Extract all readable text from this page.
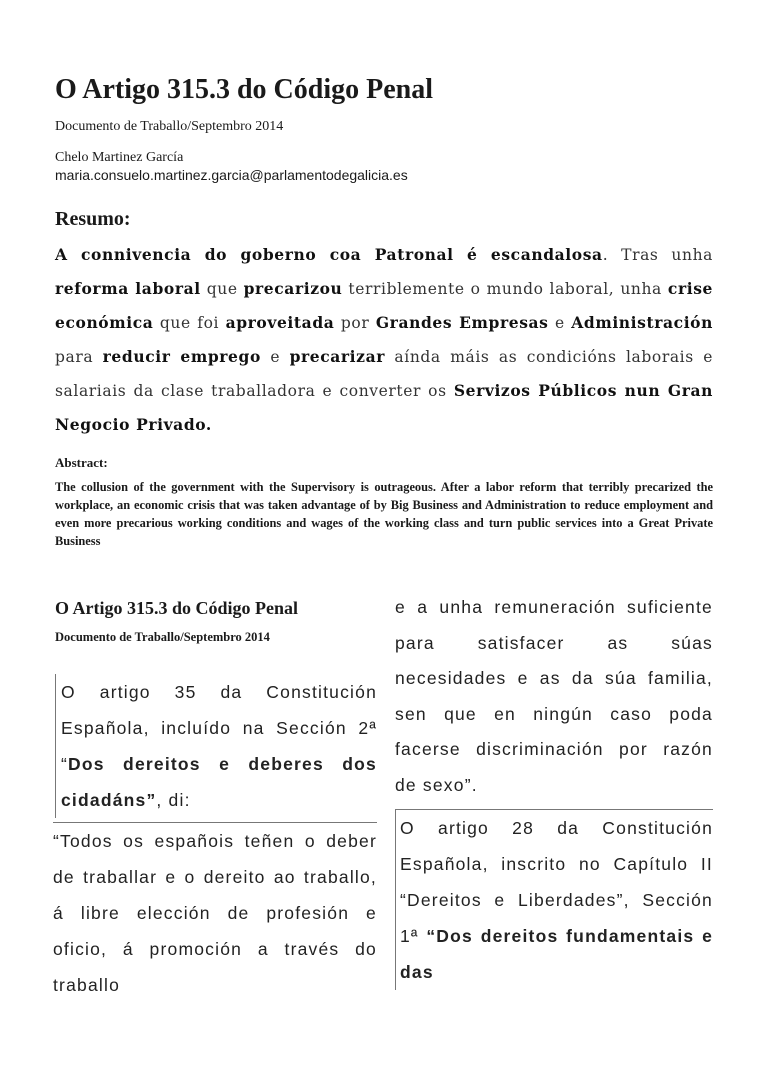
O Artigo 315.3 do Código Penal
Documento de Traballo/Septembro 2014
Chelo Martinez García
maria.consuelo.martinez.garcia@parlamentodegalicia.es
Resumo:
A connivencia do goberno coa Patronal é escandalosa. Tras unha reforma laboral que precarizou terriblemente o mundo laboral, unha crise económica que foi aproveitada por Grandes Empresas e Administración para reducir emprego e precarizar aínda máis as condicións laborais e salariais da clase traballadora e converter os Servizos Públicos nun Gran Negocio Privado.
Abstract:
The collusion of the government with the Supervisory is outrageous. After a labor reform that terribly precarized the workplace, an economic crisis that was taken advantage of by Big Business and Administration to reduce employment and even more precarious working conditions and wages of the working class and turn public services into a Great Private Business
O Artigo 315.3 do Código Penal
Documento de Traballo/Septembro 2014
O artigo 35 da Constitución Española, incluído na Sección 2ª “Dos dereitos e deberes dos cidadáns”, di:
“Todos os españois teñen o deber de traballar e o dereito ao traballo, á libre elección de profesión e oficio, á promoción a través do traballo
e a unha remuneración suficiente para satisfacer as súas necesidades e as da súa familia, sen que en ningún caso poda facerse discriminación por razón de sexo”.
O artigo 28 da Constitución Española, inscrito no Capítulo II “Dereitos e Liberdades”, Sección 1ª “Dos dereitos fundamentais e das
